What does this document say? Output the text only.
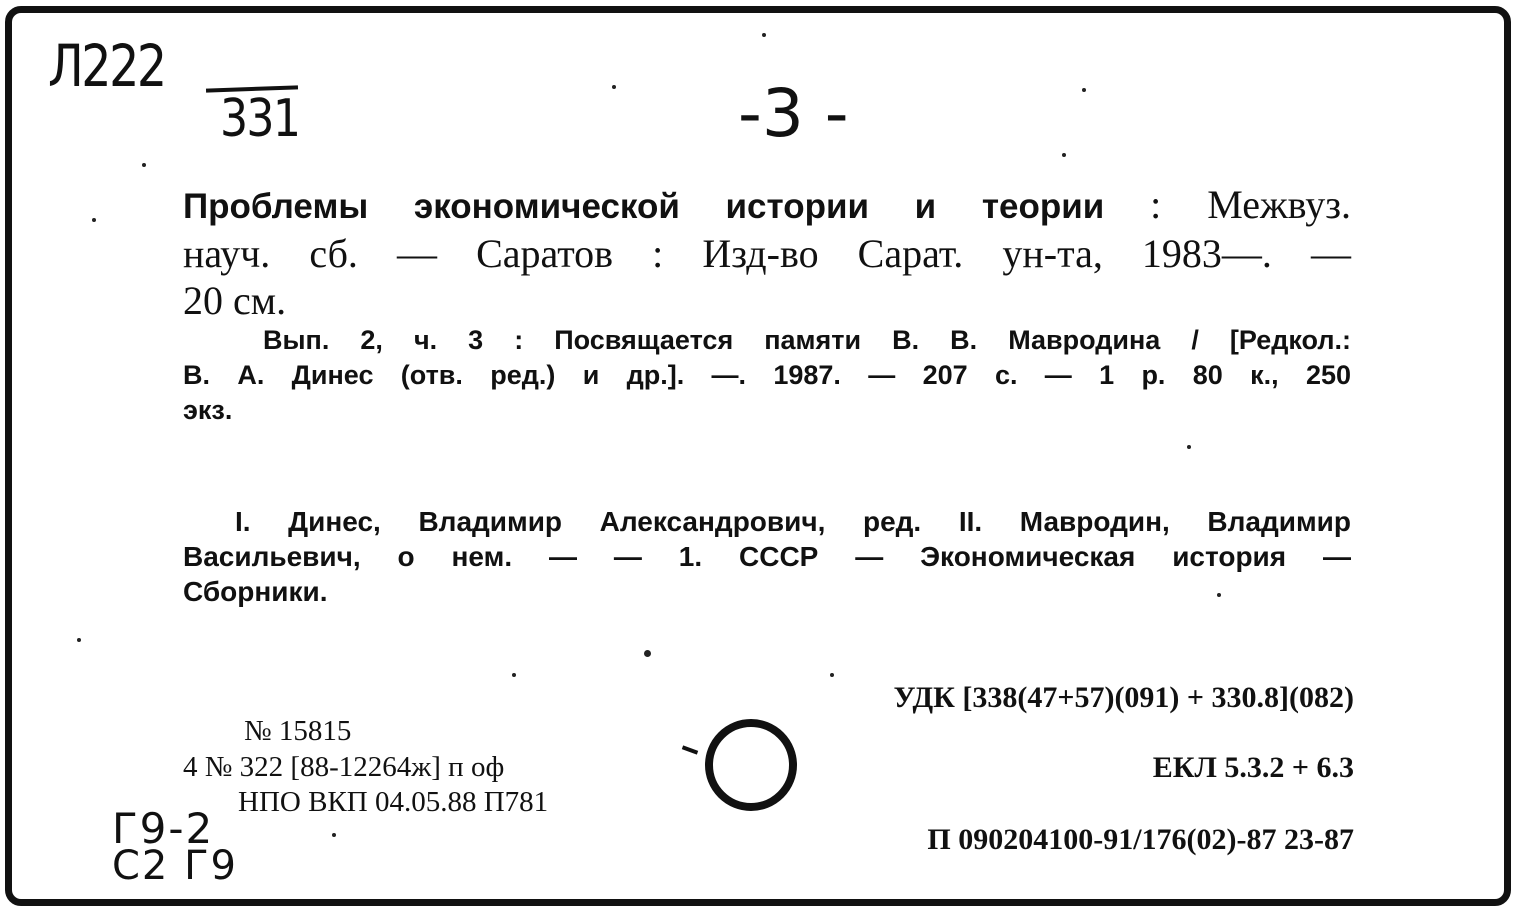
Л222
331	-3 -
Проблемы экономической истории и теории : Межвуз.
науч. сб. — Саратов : Изд-во Сарат. ун-та, 1983—. —
20 см.
Вып. 2, ч. 3 : Посвящается памяти В. В. Мавродина / [Редкол.:
В. А. Динес (отв. ред.) и др.]. —. 1987. — 207 с. — 1 р. 80 к., 250
экз.
I. Динес, Владимир Александрович, ред. II. Мавродин, Владимир
Васильевич, о нем. — — 1. СССР — Экономическая история —
Сборники.
УДК [338(47+57)(091) + 330.8](082)
№ 15815
4 № 322 [88-12264ж] п оф
НПО ВКП 04.05.88 П781
ЕКЛ 5.3.2 + 6.3
П 090204100-91/176(02)-87 23-87
Г9-2
С2 Г9
